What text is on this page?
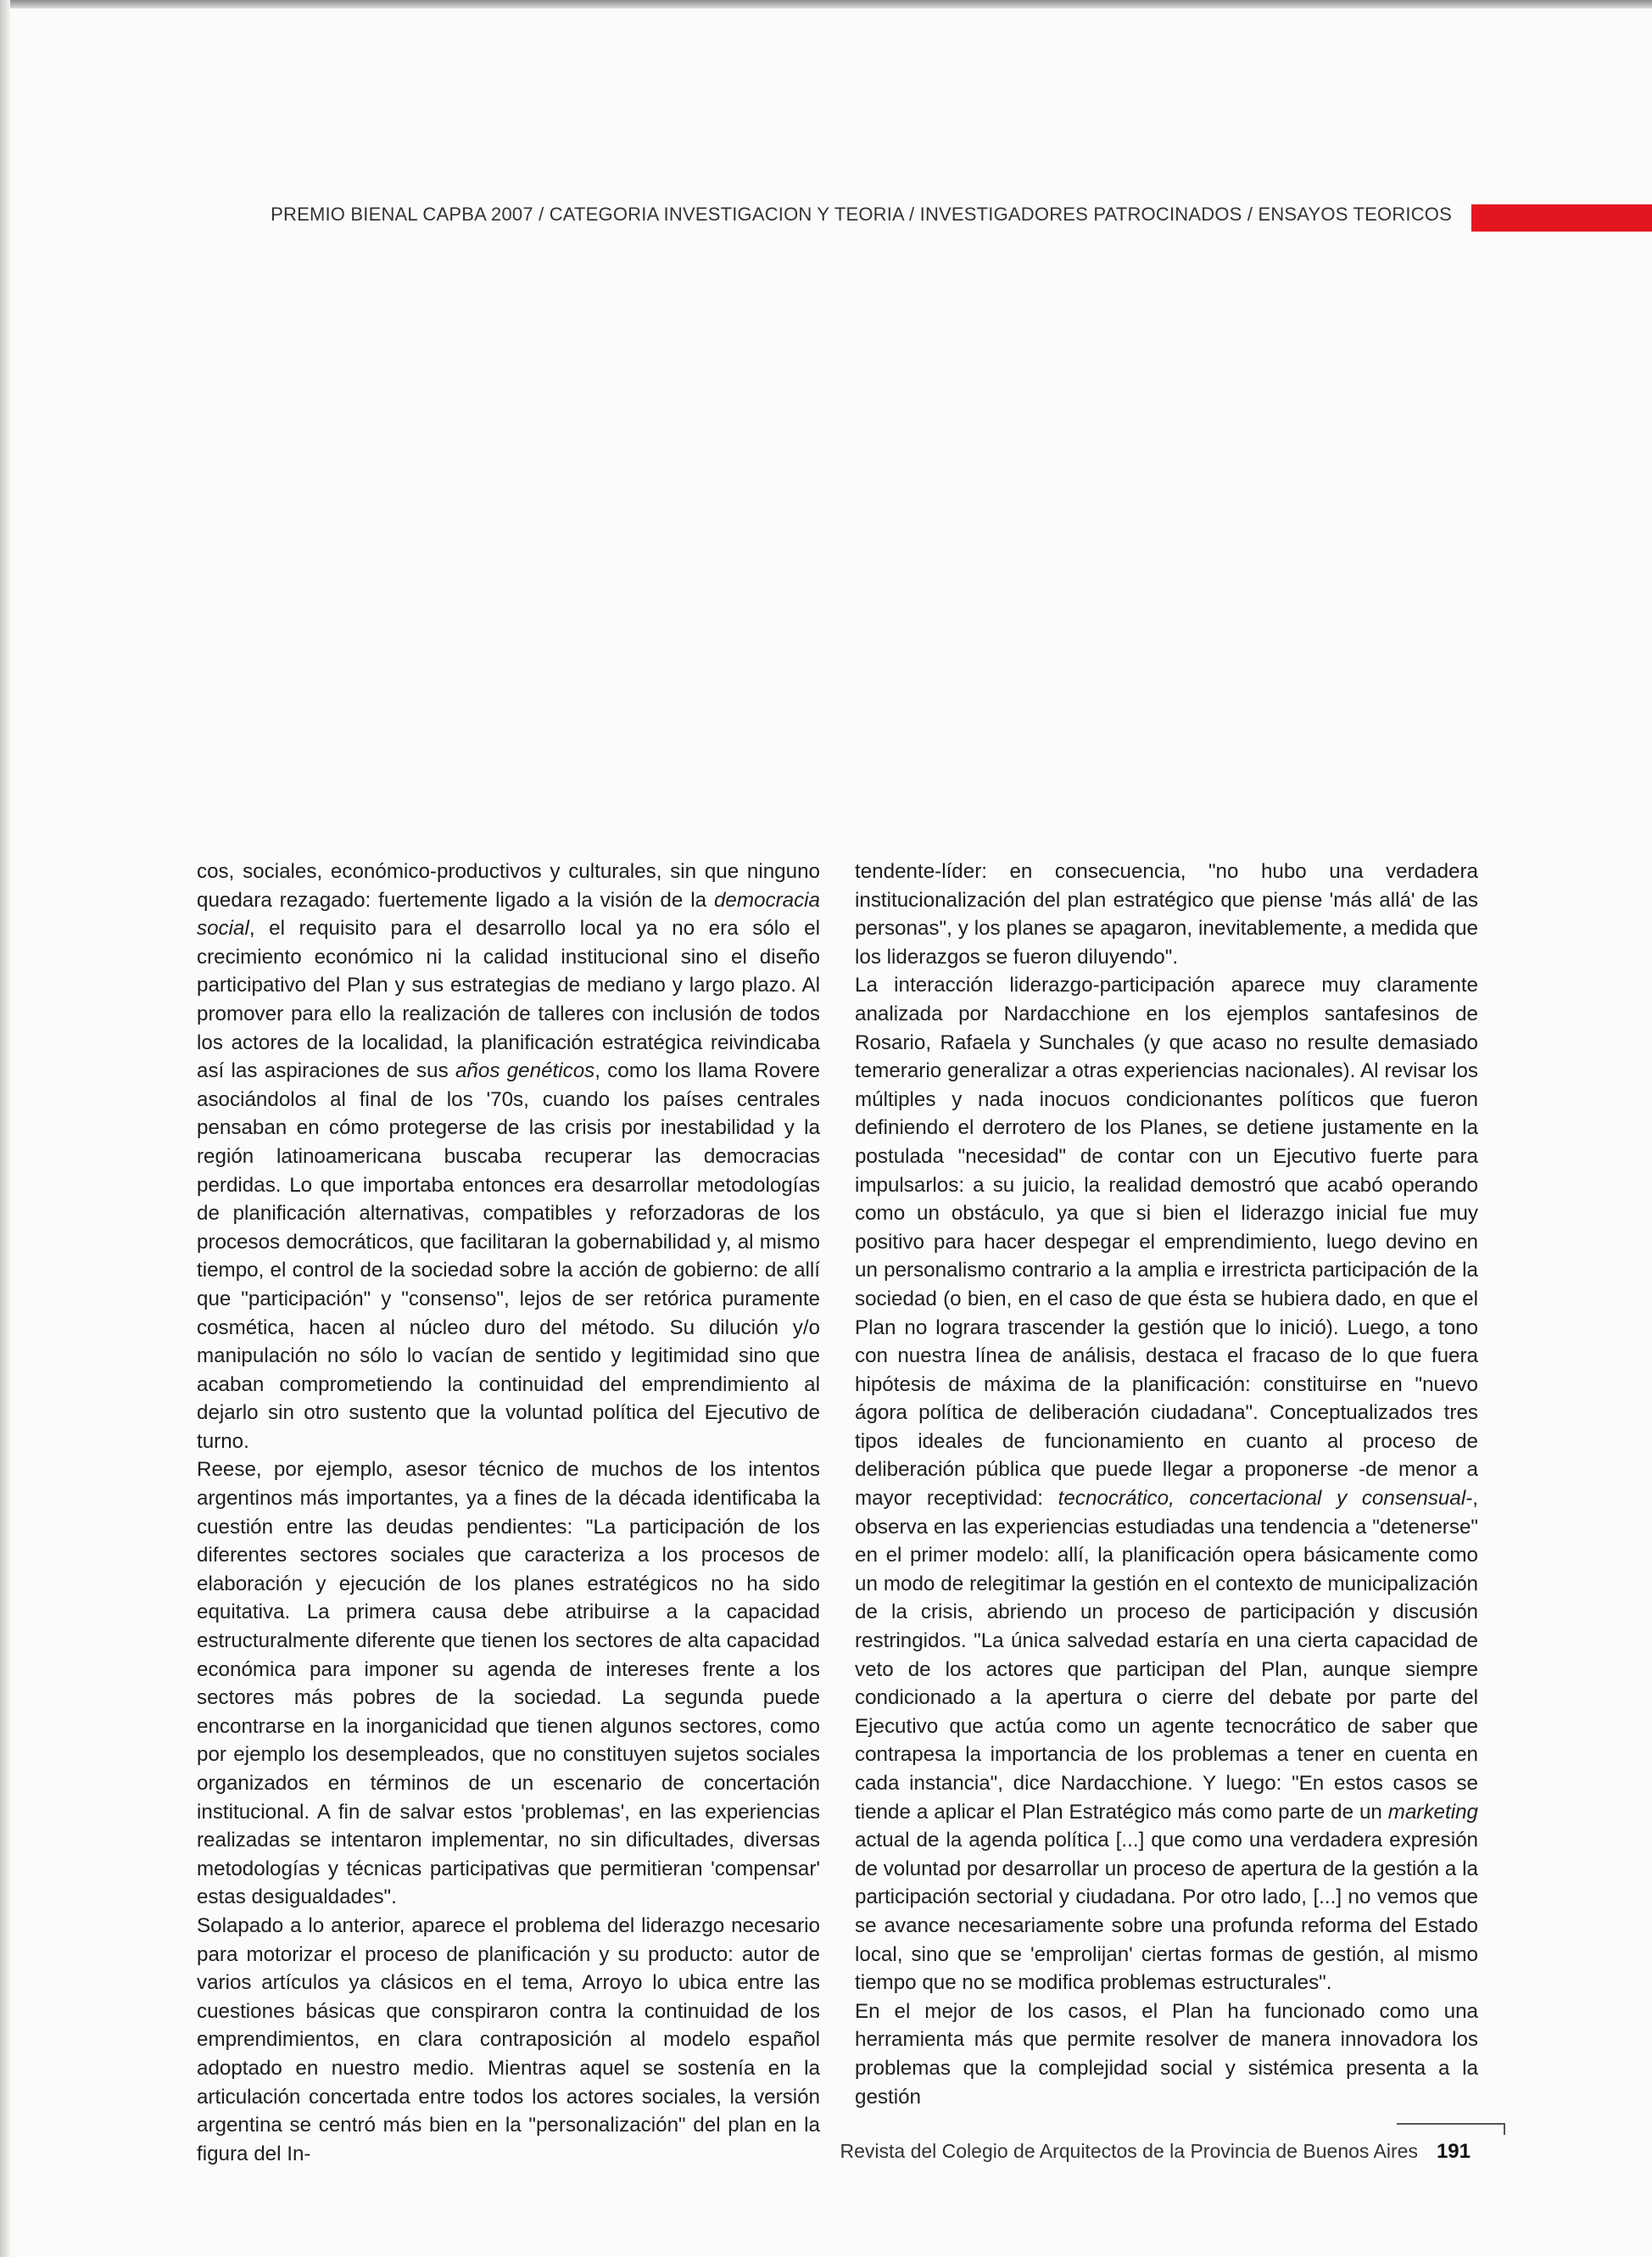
PREMIO BIENAL CAPBA 2007 / CATEGORIA INVESTIGACION Y TEORIA / INVESTIGADORES PATROCINADOS / ENSAYOS TEORICOS

cos, sociales, económico-productivos y culturales, sin que ninguno quedara rezagado: fuertemente ligado a la visión de la democracia social, el requisito para el desarrollo local ya no era sólo el crecimiento económico ni la calidad institucional sino el diseño participativo del Plan y sus estrategias de mediano y largo plazo. Al promover para ello la realización de talleres con inclusión de todos los actores de la localidad, la planificación estratégica reivindicaba así las aspiraciones de sus años genéticos, como los llama Rovere asociándolos al final de los '70s, cuando los países centrales pensaban en cómo protegerse de las crisis por inestabilidad y la región latinoamericana buscaba recuperar las democracias perdidas. Lo que importaba entonces era desarrollar metodologías de planificación alternativas, compatibles y reforzadoras de los procesos democráticos, que facilitaran la gobernabilidad y, al mismo tiempo, el control de la sociedad sobre la acción de gobierno: de allí que "participación" y "consenso", lejos de ser retórica puramente cosmética, hacen al núcleo duro del método. Su dilución y/o manipulación no sólo lo vacían de sentido y legitimidad sino que acaban comprometiendo la continuidad del emprendimiento al dejarlo sin otro sustento que la voluntad política del Ejecutivo de turno.

Reese, por ejemplo, asesor técnico de muchos de los intentos argentinos más importantes, ya a fines de la década identificaba la cuestión entre las deudas pendientes: "La participación de los diferentes sectores sociales que caracteriza a los procesos de elaboración y ejecución de los planes estratégicos no ha sido equitativa. La primera causa debe atribuirse a la capacidad estructuralmente diferente que tienen los sectores de alta capacidad económica para imponer su agenda de intereses frente a los sectores más pobres de la sociedad. La segunda puede encontrarse en la inorganicidad que tienen algunos sectores, como por ejemplo los desempleados, que no constituyen sujetos sociales organizados en términos de un escenario de concertación institucional. A fin de salvar estos 'problemas', en las experiencias realizadas se intentaron implementar, no sin dificultades, diversas metodologías y técnicas participativas que permitieran 'compensar' estas desigualdades".

Solapado a lo anterior, aparece el problema del liderazgo necesario para motorizar el proceso de planificación y su producto: autor de varios artículos ya clásicos en el tema, Arroyo lo ubica entre las cuestiones básicas que conspiraron contra la continuidad de los emprendimientos, en clara contraposición al modelo español adoptado en nuestro medio. Mientras aquel se sostenía en la articulación concertada entre todos los actores sociales, la versión argentina se centró más bien en la "personalización" del plan en la figura del In-

tendente-líder: en consecuencia, "no hubo una verdadera institucionalización del plan estratégico que piense 'más allá' de las personas", y los planes se apagaron, inevitablemente, a medida que los liderazgos se fueron diluyendo".

La interacción liderazgo-participación aparece muy claramente analizada por Nardacchione en los ejemplos santafesinos de Rosario, Rafaela y Sunchales (y que acaso no resulte demasiado temerario generalizar a otras experiencias nacionales). Al revisar los múltiples y nada inocuos condicionantes políticos que fueron definiendo el derrotero de los Planes, se detiene justamente en la postulada "necesidad" de contar con un Ejecutivo fuerte para impulsarlos: a su juicio, la realidad demostró que acabó operando como un obstáculo, ya que si bien el liderazgo inicial fue muy positivo para hacer despegar el emprendimiento, luego devino en un personalismo contrario a la amplia e irrestricta participación de la sociedad (o bien, en el caso de que ésta se hubiera dado, en que el Plan no lograra trascender la gestión que lo inició). Luego, a tono con nuestra línea de análisis, destaca el fracaso de lo que fuera hipótesis de máxima de la planificación: constituirse en "nuevo ágora política de deliberación ciudadana". Conceptualizados tres tipos ideales de funcionamiento en cuanto al proceso de deliberación pública que puede llegar a proponerse -de menor a mayor receptividad: tecnocrático, concertacional y consensual-, observa en las experiencias estudiadas una tendencia a "detenerse" en el primer modelo: allí, la planificación opera básicamente como un modo de relegitimar la gestión en el contexto de municipalización de la crisis, abriendo un proceso de participación y discusión restringidos. "La única salvedad estaría en una cierta capacidad de veto de los actores que participan del Plan, aunque siempre condicionado a la apertura o cierre del debate por parte del Ejecutivo que actúa como un agente tecnocrático de saber que contrapesa la importancia de los problemas a tener en cuenta en cada instancia", dice Nardacchione. Y luego: "En estos casos se tiende a aplicar el Plan Estratégico más como parte de un marketing actual de la agenda política [...] que como una verdadera expresión de voluntad por desarrollar un proceso de apertura de la gestión a la participación sectorial y ciudadana. Por otro lado, [...] no vemos que se avance necesariamente sobre una profunda reforma del Estado local, sino que se 'emprolijan' ciertas formas de gestión, al mismo tiempo que no se modifica problemas estructurales".

En el mejor de los casos, el Plan ha funcionado como una herramienta más que permite resolver de manera innovadora los problemas que la complejidad social y sistémica presenta a la gestión

Revista del Colegio de Arquitectos de la Provincia de Buenos Aires 191
